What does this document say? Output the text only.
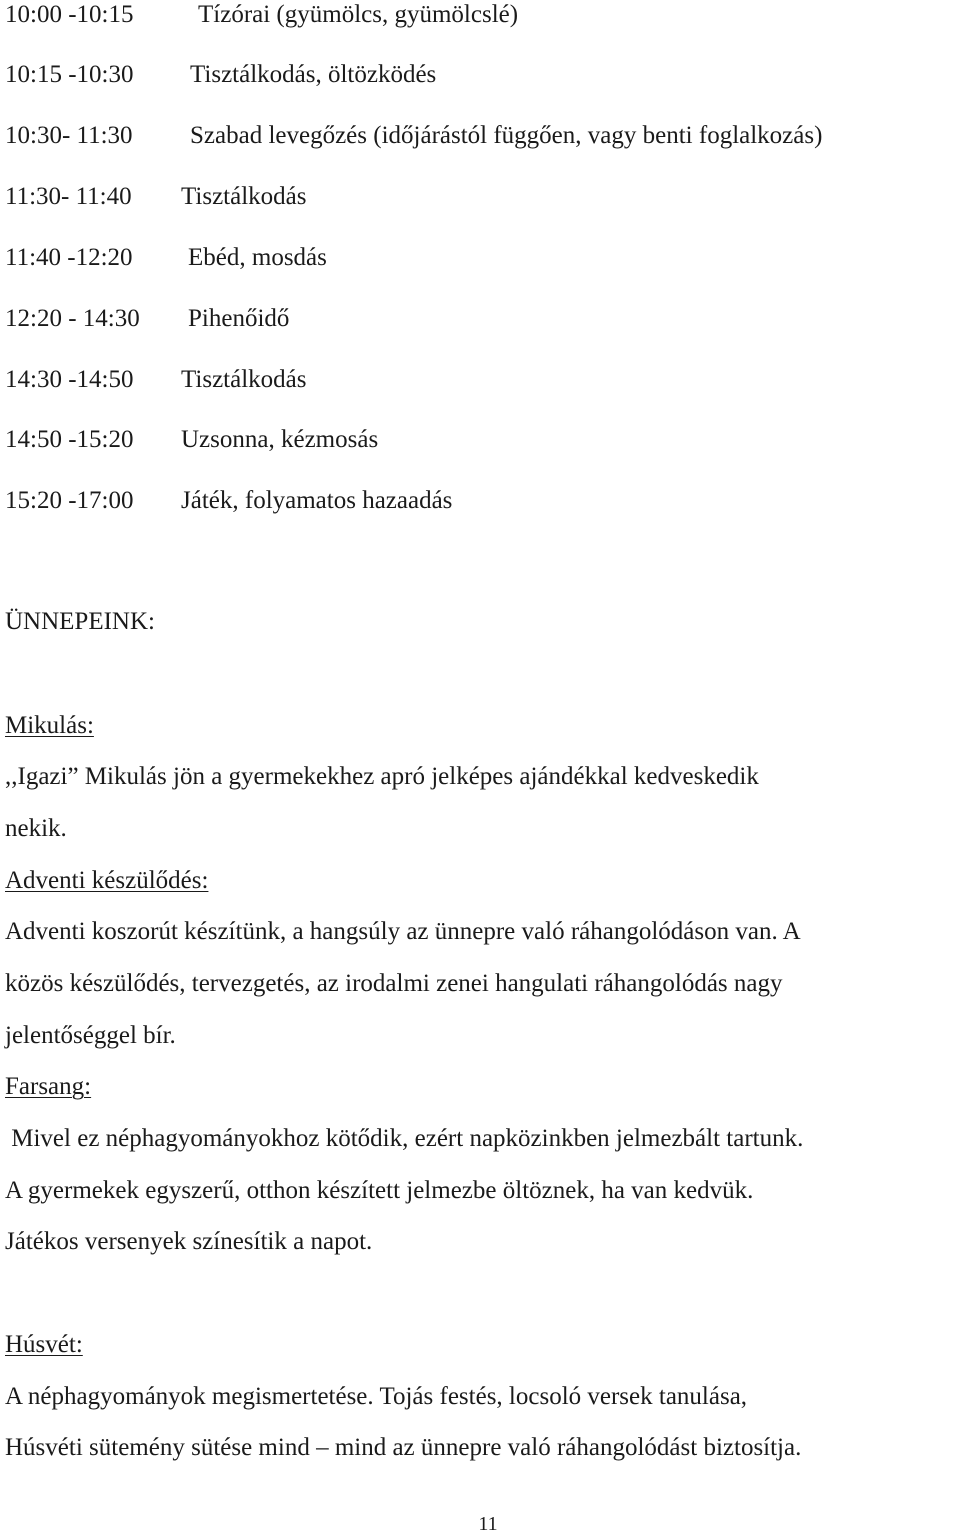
10:00 -10:15	Tízórai (gyümölcs, gyümölcslé)
10:15 -10:30 Tisztálkodás, öltözködés
10:30- 11:30 Szabad levegőzés (időjárástól függően, vagy benti foglalkozás)
11:30- 11:40 Tisztálkodás
11:40 -12:20 Ebéd, mosdás
12:20 - 14:30 Pihenőidő
14:30 -14:50 Tisztálkodás
14:50 -15:20 Uzsonna, kézmosás
15:20 -17:00 Játék, folyamatos hazaadás
ÜNNEPEINK:
Mikulás:
,,Igazi” Mikulás jön a gyermekekhez apró jelképes ajándékkal kedveskedik
nekik.
Adventi készülődés:
Adventi koszorút készítünk, a hangsúly az ünnepre való ráhangolódáson van. A
közös készülődés, tervezgetés, az irodalmi zenei hangulati ráhangolódás nagy
jelentőséggel bír.
Farsang:
Mivel ez néphagyományokhoz kötődik, ezért napközinkben jelmezbált tartunk.
A gyermekek egyszerű, otthon készített jelmezbe öltöznek, ha van kedvük.
Játékos versenyek színesítik a napot.
Húsvét:
A néphagyományok megismertetése. Tojás festés, locsoló versek tanulása,
Húsvéti sütemény sütése mind – mind az ünnepre való ráhangolódást biztosítja.
11
